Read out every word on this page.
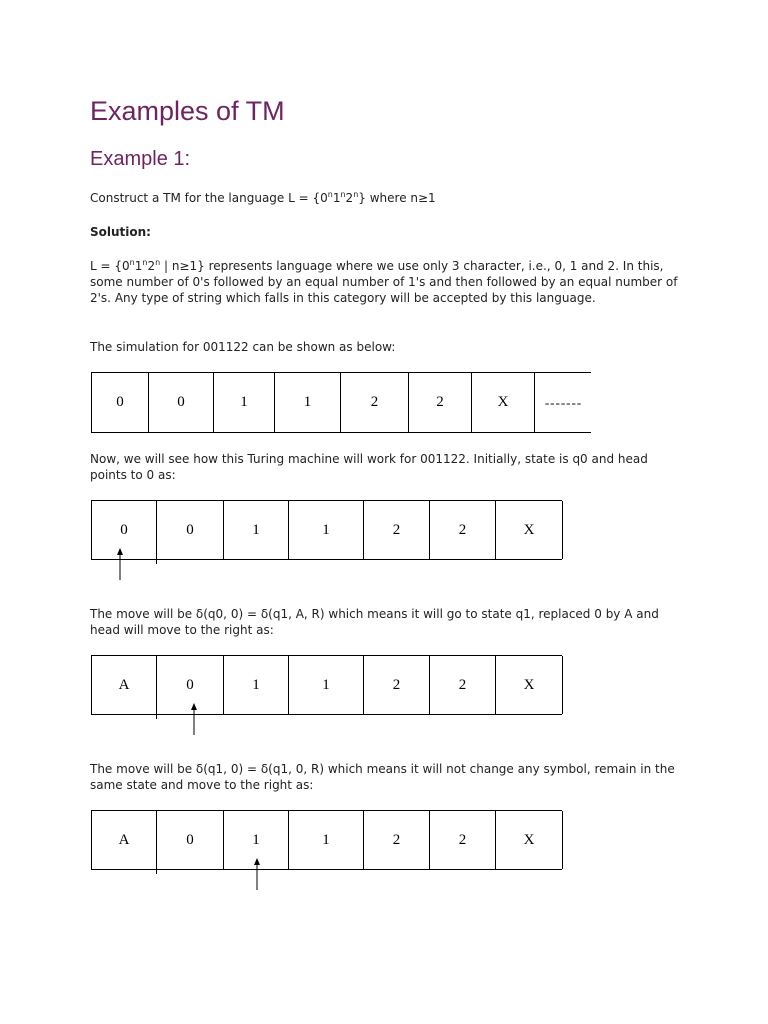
Examples of TM
Example 1:

Construct a TM for the language $L = \{0^n1^n2^n\}$ where n≥1

Solution:

$L = \{0^n1^n2^n$ | n≥1} represents language where we use only 3 character, i.e., 0, 1 and 2. In this, some number of 0's followed by an equal number of 1's and then followed by an equal number of 2's. Any type of string which falls in this category will be accepted by this language.

The simulation for 001122 can be shown as below:

0	0	1	1	2	2	X	-------

Now, we will see how this Turing machine will work for 001122. Initially, state is q0 and head points to 0 as:

0	0	1	1	2	2	X

The move will be δ(q0, 0) = δ(q1, A, R) which means it will go to state q1, replaced 0 by A and head will move to the right as:

A	0	1	1	2	2	X

The move will be δ(q1, 0) = δ(q1, 0, R) which means it will not change any symbol, remain in the same state and move to the right as:

A	0	1	1	2	2	X
